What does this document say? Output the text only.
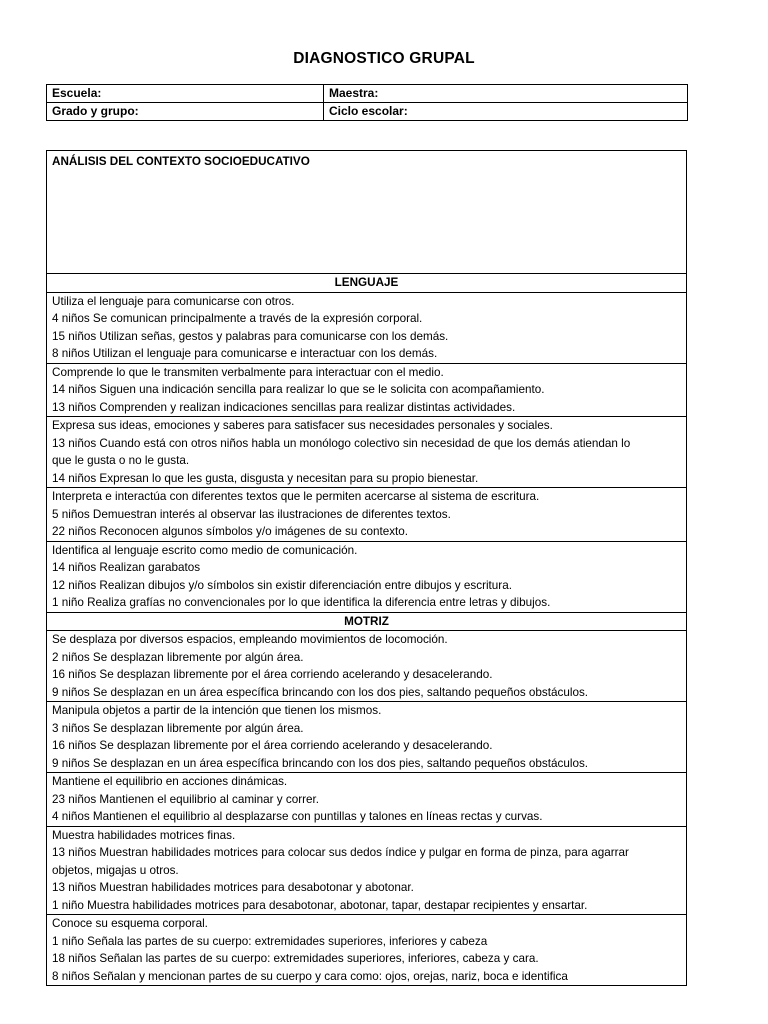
DIAGNOSTICO GRUPAL
Escuela:	Maestra:
Grado y grupo:	Ciclo escolar:
ANÁLISIS DEL CONTEXTO SOCIOEDUCATIVO
LENGUAJE

Utiliza el lenguaje para comunicarse con otros.
4 niños Se comunican principalmente a través de la expresión corporal.
15 niños Utilizan señas, gestos y palabras para comunicarse con los demás.
8 niños Utilizan el lenguaje para comunicarse e interactuar con los demás.

Comprende lo que le transmiten verbalmente para interactuar con el medio.
14 niños Siguen una indicación sencilla para realizar lo que se le solicita con acompañamiento.
13 niños Comprenden y realizan indicaciones sencillas para realizar distintas actividades.

Expresa sus ideas, emociones y saberes para satisfacer sus necesidades personales y sociales.
13 niños Cuando está con otros niños habla un monólogo colectivo sin necesidad de que los demás atiendan lo
que le gusta o no le gusta.
14 niños Expresan lo que les gusta, disgusta y necesitan para su propio bienestar.

Interpreta e interactúa con diferentes textos que le permiten acercarse al sistema de escritura.
5 niños Demuestran interés al observar las ilustraciones de diferentes textos.
22 niños Reconocen algunos símbolos y/o imágenes de su contexto.

Identifica al lenguaje escrito como medio de comunicación.
14 niños Realizan garabatos
12 niños Realizan dibujos y/o símbolos sin existir diferenciación entre dibujos y escritura.
1 niño Realiza grafías no convencionales por lo que identifica la diferencia entre letras y dibujos.

MOTRIZ

Se desplaza por diversos espacios, empleando movimientos de locomoción.
2 niños Se desplazan libremente por algún área.
16 niños Se desplazan libremente por el área corriendo acelerando y desacelerando.
9 niños Se desplazan en un área específica brincando con los dos pies, saltando pequeños obstáculos.

Manipula objetos a partir de la intención que tienen los mismos.
3 niños Se desplazan libremente por algún área.
16 niños Se desplazan libremente por el área corriendo acelerando y desacelerando.
9 niños Se desplazan en un área específica brincando con los dos pies, saltando pequeños obstáculos.

Mantiene el equilibrio en acciones dinámicas.
23 niños Mantienen el equilibrio al caminar y correr.
4 niños Mantienen el equilibrio al desplazarse con puntillas y talones en líneas rectas y curvas.

Muestra habilidades motrices finas.
13 niños Muestran habilidades motrices para colocar sus dedos índice y pulgar en forma de pinza, para agarrar
objetos, migajas u otros.
13 niños Muestran habilidades motrices para desabotonar y abotonar.
1 niño Muestra habilidades motrices para desabotonar, abotonar, tapar, destapar recipientes y ensartar.

Conoce su esquema corporal.
1 niño Señala las partes de su cuerpo: extremidades superiores, inferiores y cabeza
18 niños Señalan las partes de su cuerpo: extremidades superiores, inferiores, cabeza y cara.
8 niños Señalan y mencionan partes de su cuerpo y cara como: ojos, orejas, nariz, boca e identifica
